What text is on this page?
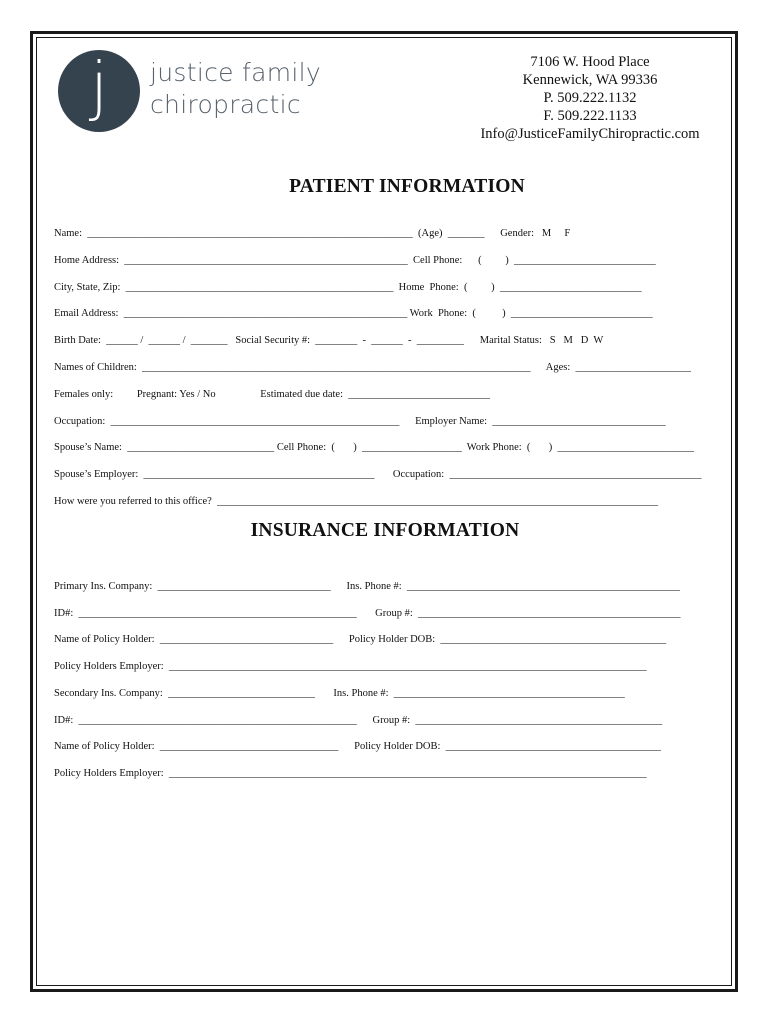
j	justice family
chiropractic
7106 W. Hood Place
Kennewick, WA 99336
P. 509.222.1132
F. 509.222.1133
Info@JusticeFamilyChiropractic.com
PATIENT INFORMATION
Name:  ______________________________________________________________  (Age)  _______      Gender:   M     F
Home Address:  ______________________________________________________  Cell Phone:      (         )  ___________________________
City, State, Zip:  ___________________________________________________  Home  Phone:  (         )  ___________________________
Email Address:  ______________________________________________________ Work  Phone:  (          )  ___________________________
Birth Date:  ______ /  ______ /  _______   Social Security #:  ________  -  ______  -  _________      Marital Status:   S   M   D  W
Names of Children:  __________________________________________________________________________      Ages:  ______________________
Females only:         Pregnant: Yes / No                 Estimated due date:  ___________________________
Occupation:  _______________________________________________________      Employer Name:  _________________________________
Spouse’s Name:  ____________________________ Cell Phone:  (       )  ___________________  Work Phone:  (       )  __________________________
Spouse’s Employer:  ____________________________________________       Occupation:  ________________________________________________
How were you referred to this office?  ____________________________________________________________________________________
INSURANCE INFORMATION
Primary Ins. Company:  _________________________________      Ins. Phone #:  ____________________________________________________
ID#:  _____________________________________________________       Group #:  __________________________________________________
Name of Policy Holder:  _________________________________      Policy Holder DOB:  ___________________________________________
Policy Holders Employer:  ___________________________________________________________________________________________
Secondary Ins. Company:  ____________________________       Ins. Phone #:  ____________________________________________
ID#:  _____________________________________________________      Group #:  _______________________________________________
Name of Policy Holder:  __________________________________      Policy Holder DOB:  _________________________________________
Policy Holders Employer:  ___________________________________________________________________________________________
